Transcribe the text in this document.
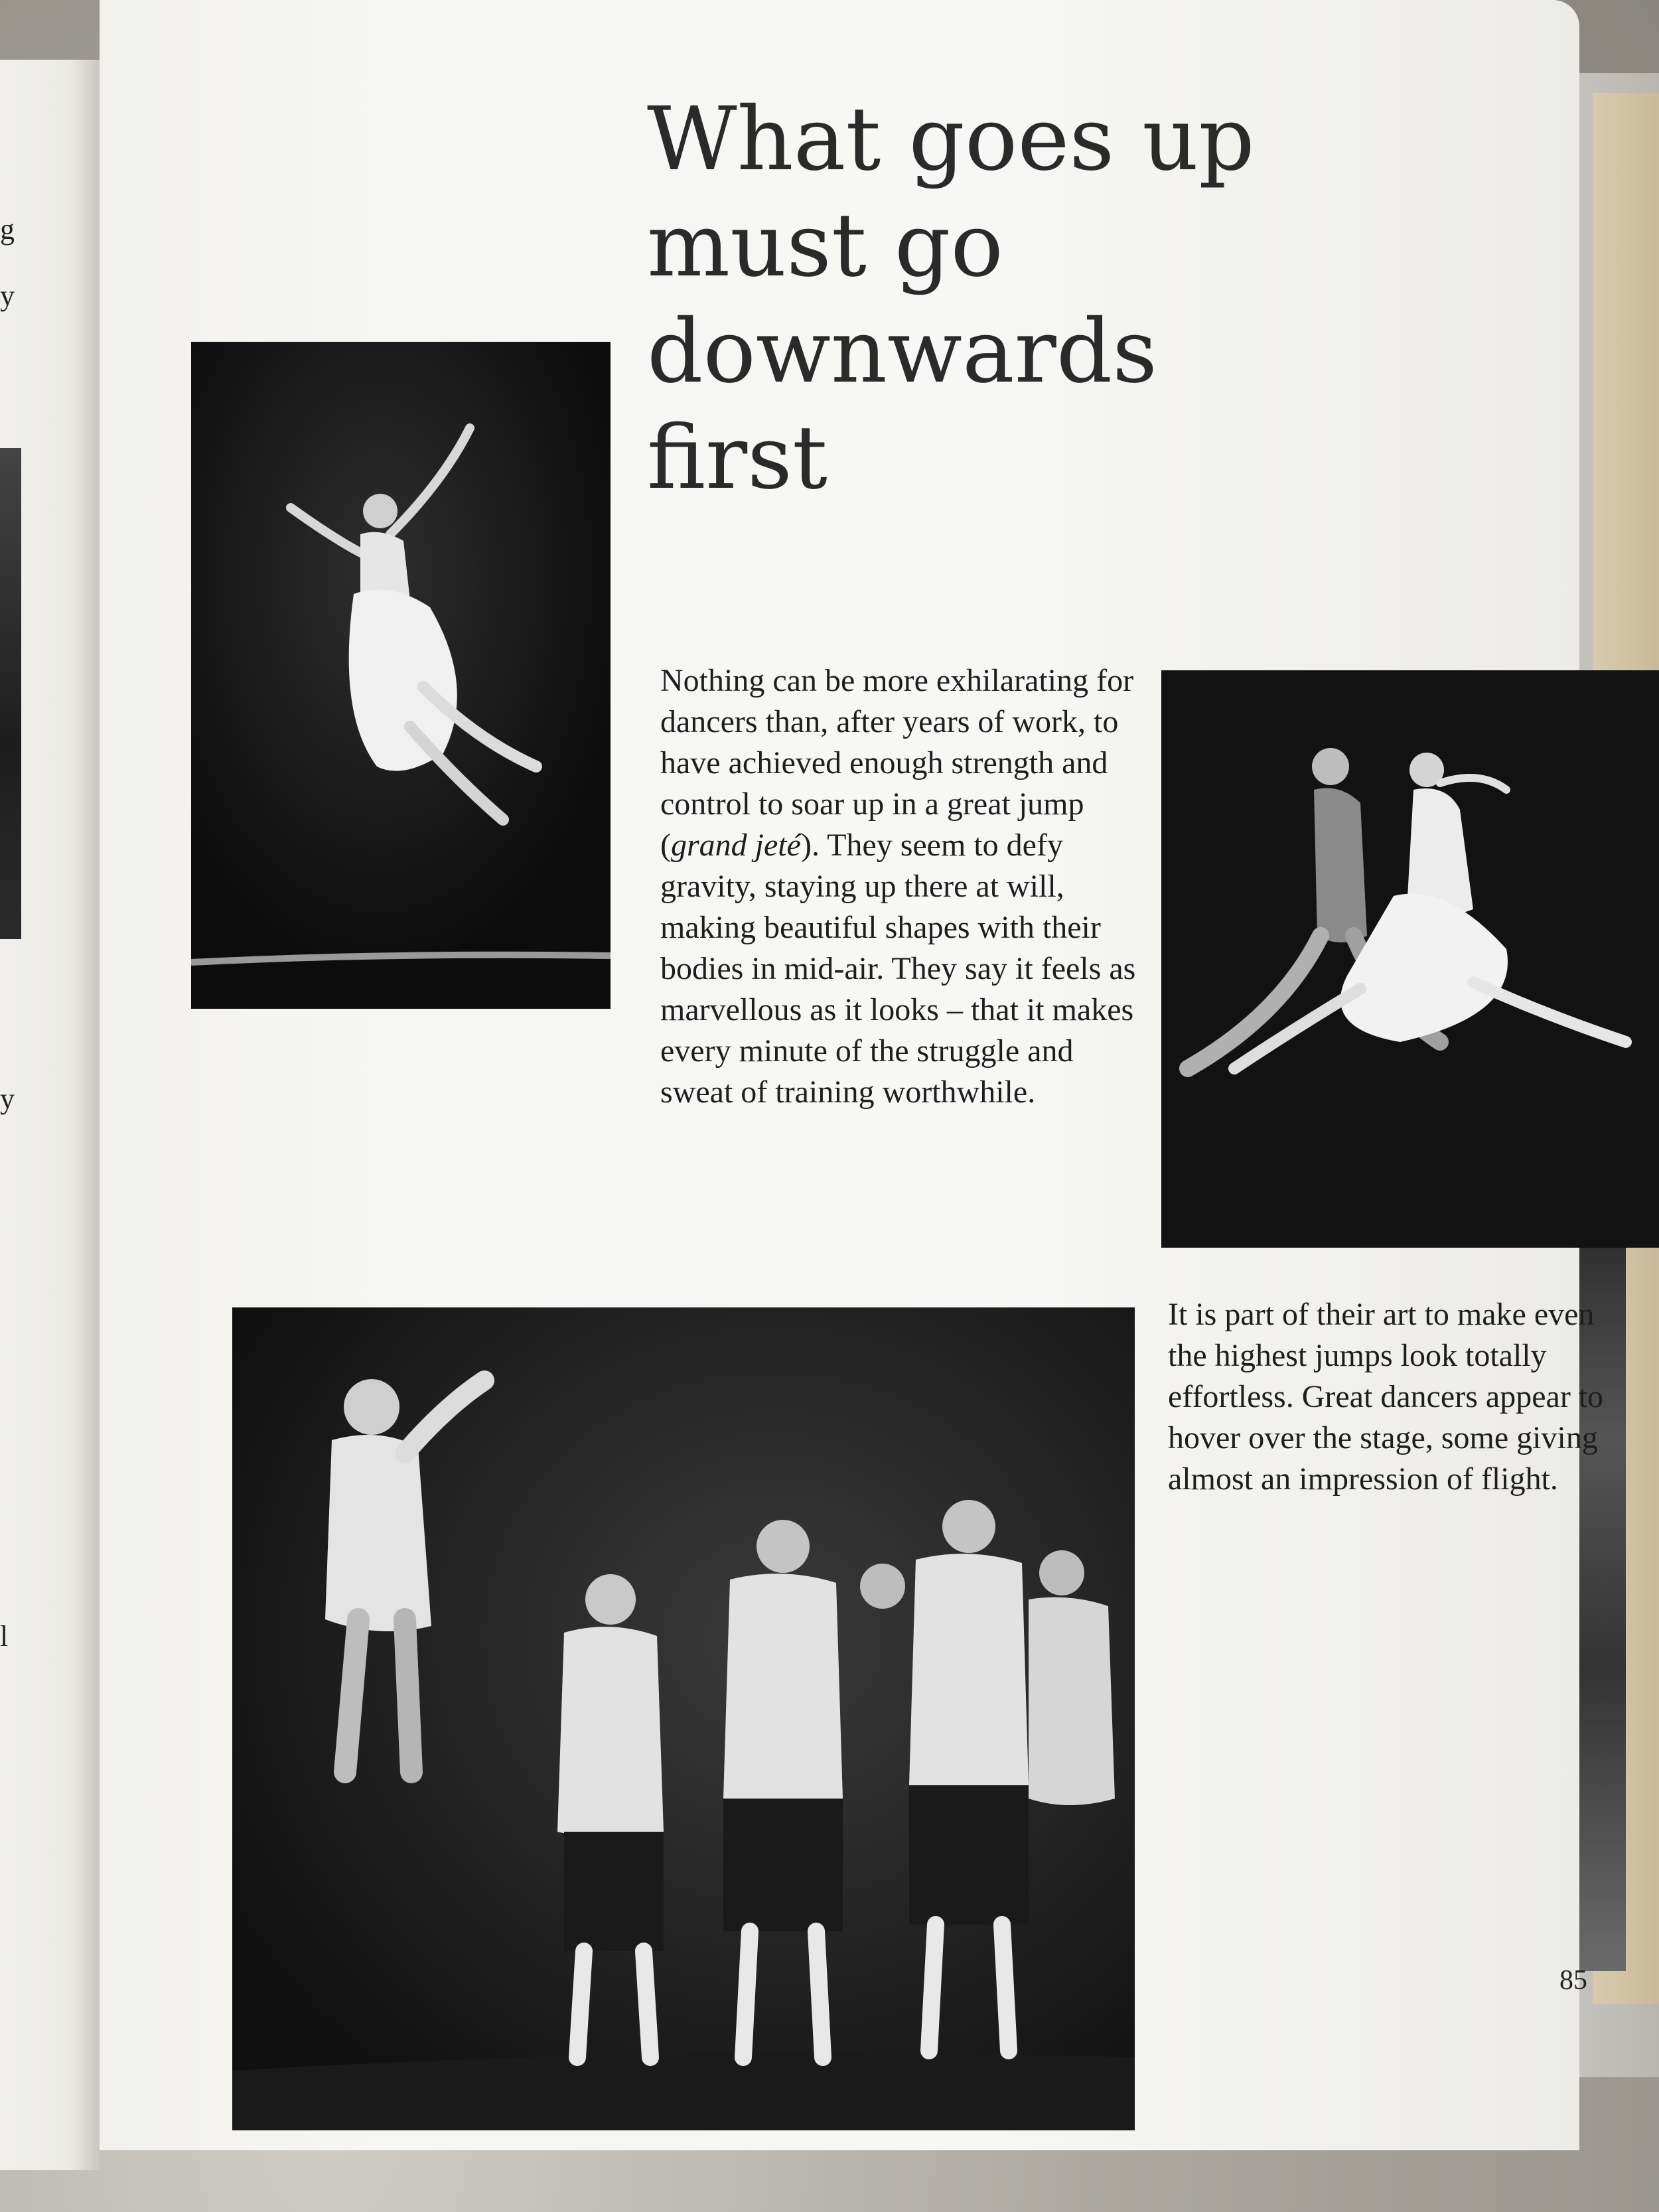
g
y
y
l
What goes up
must go
downwards
first

Nothing can be more exhilarating for dancers than, after years of work, to have achieved enough strength and control to soar up in a great jump (grand jeté). They seem to defy gravity, staying up there at will, making beautiful shapes with their bodies in mid-air. They say it feels as marvellous as it looks – that it makes every minute of the struggle and sweat of training worthwhile.

It is part of their art to make even the highest jumps look totally effortless. Great dancers appear to hover over the stage, some giving almost an impression of flight.

85
